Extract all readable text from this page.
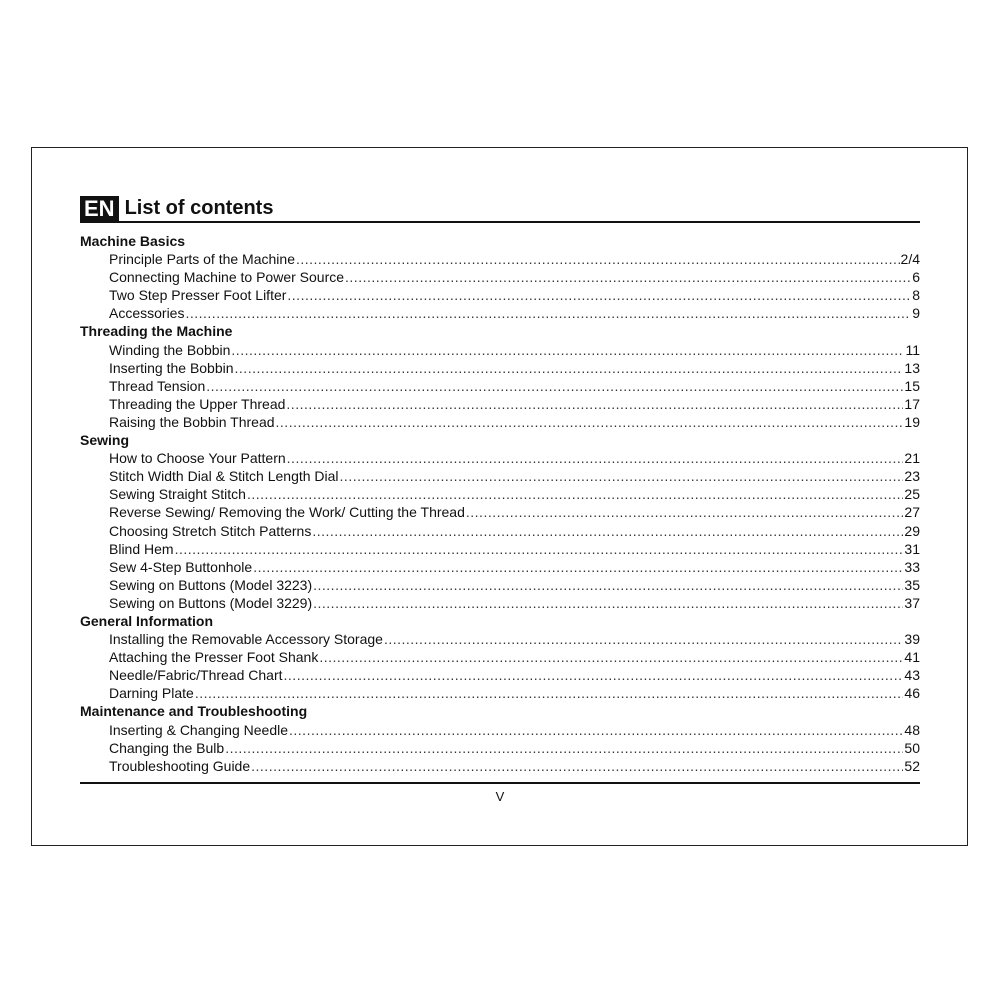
EN List of contents
Machine Basics
Principle Parts of the Machine .....	2/4
Connecting Machine to Power Source .....	6
Two Step Presser Foot Lifter .....	8
Accessories .....	9
Threading the Machine
Winding the Bobbin .....	11
Inserting the Bobbin .....	13
Thread Tension .....	15
Threading the Upper Thread .....	17
Raising the Bobbin Thread .....	19
Sewing
How to Choose Your Pattern .....	21
Stitch Width Dial & Stitch Length Dial .....	23
Sewing Straight Stitch .....	25
Reverse Sewing/ Removing the Work/ Cutting the Thread .....	27
Choosing Stretch Stitch Patterns .....	29
Blind Hem .....	31
Sew 4-Step Buttonhole .....	33
Sewing on Buttons (Model 3223) .....	35
Sewing on Buttons (Model 3229) .....	37
General Information
Installing the Removable Accessory Storage .....	39
Attaching the Presser Foot Shank .....	41
Needle/Fabric/Thread Chart .....	43
Darning Plate .....	46
Maintenance and Troubleshooting
Inserting & Changing Needle .....	48
Changing the Bulb .....	50
Troubleshooting Guide .....	52
V
